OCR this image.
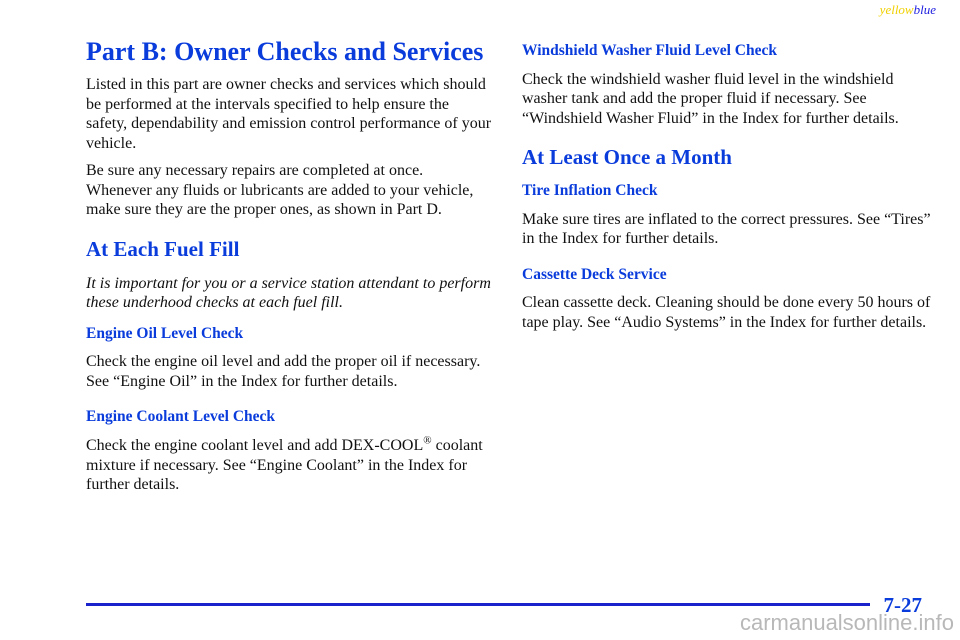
yellowblue
Part B: Owner Checks and Services

Listed in this part are owner checks and services which should be performed at the intervals specified to help ensure the safety, dependability and emission control performance of your vehicle.

Be sure any necessary repairs are completed at once. Whenever any fluids or lubricants are added to your vehicle, make sure they are the proper ones, as shown in Part D.

At Each Fuel Fill

It is important for you or a service station attendant to perform these underhood checks at each fuel fill.

Engine Oil Level Check

Check the engine oil level and add the proper oil if necessary. See “Engine Oil” in the Index for further details.

Engine Coolant Level Check

Check the engine coolant level and add DEX-COOL® coolant mixture if necessary. See “Engine Coolant” in the Index for further details.

Windshield Washer Fluid Level Check

Check the windshield washer fluid level in the windshield washer tank and add the proper fluid if necessary. See “Windshield Washer Fluid” in the Index for further details.

At Least Once a Month
Tire Inflation Check

Make sure tires are inflated to the correct pressures. See “Tires” in the Index for further details.

Cassette Deck Service

Clean cassette deck. Cleaning should be done every 50 hours of tape play. See “Audio Systems” in the Index for further details.

7-27
carmanualsonline.info
